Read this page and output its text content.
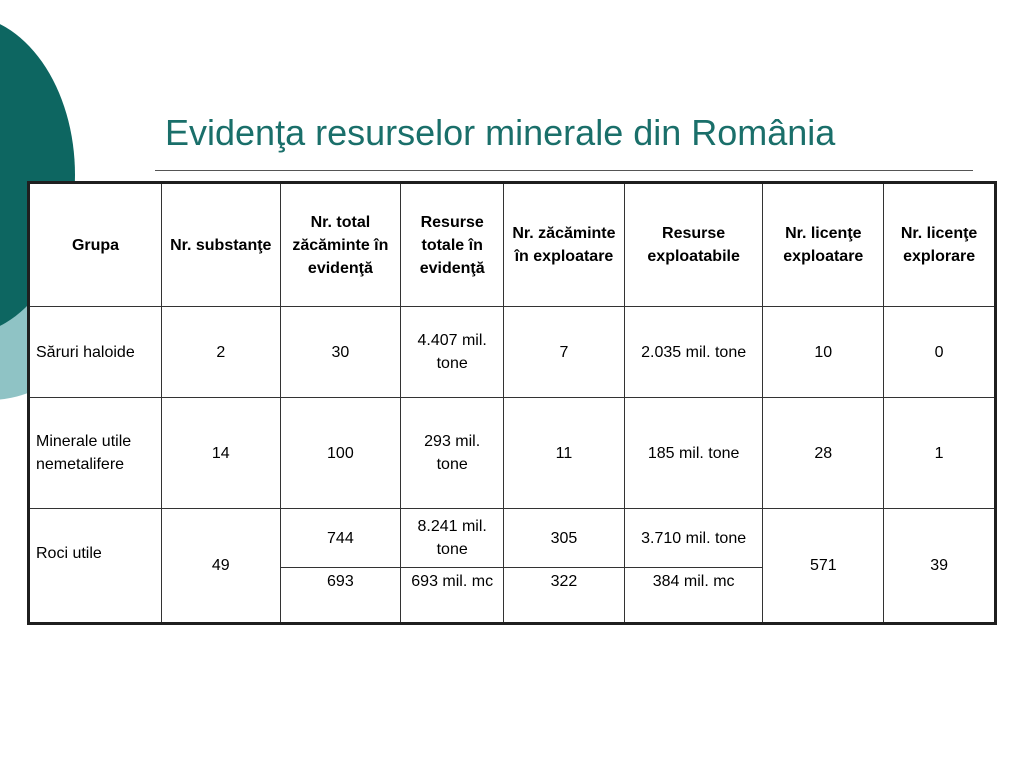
Evidenţa resurselor minerale din România
Grupa	Nr. substanţe	Nr. total zăcăminte în evidenţă	Resurse totale în evidenţă	Nr. zăcăminte în exploatare	Resurse exploatabile	Nr. licenţe exploatare	Nr. licenţe explorare
Săruri haloide	2	30	4.407 mil. tone	7	2.035 mil. tone	10	0
Minerale utile nemetalifere	14	100	293 mil. tone	11	185 mil. tone	28	1
Roci utile	49	744	8.241 mil. tone	305	3.710 mil. tone	571	39
		693	693 mil. mc	322	384 mil. mc		
